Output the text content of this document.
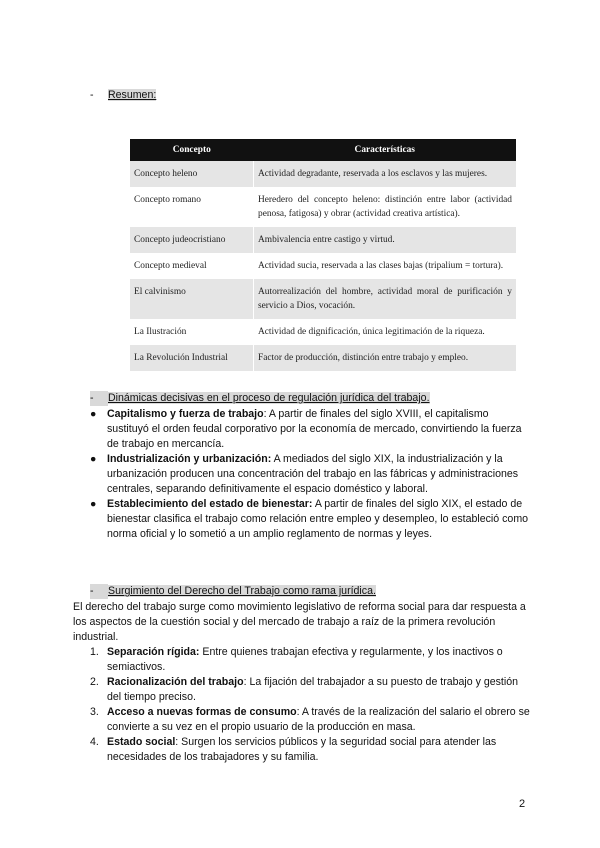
- Resumen:
Concepto	Características
Concepto heleno	Actividad degradante, reservada a los esclavos y las mujeres.
Concepto romano	Heredero del concepto heleno: distinción entre labor (actividad penosa, fatigosa) y obrar (actividad creativa artística).
Concepto judeocristiano	Ambivalencia entre castigo y virtud.
Concepto medieval	Actividad sucia, reservada a las clases bajas (tripalium = tortura).
El calvinismo	Autorrealización del hombre, actividad moral de purificación y servicio a Dios, vocación.
La Ilustración	Actividad de dignificación, única legitimación de la riqueza.
La Revolución Industrial	Factor de producción, distinción entre trabajo y empleo.
- Dinámicas decisivas en el proceso de regulación jurídica del trabajo.
● Capitalismo y fuerza de trabajo: A partir de finales del siglo XVIII, el capitalismo sustituyó el orden feudal corporativo por la economía de mercado, convirtiendo la fuerza de trabajo en mercancía.
● Industrialización y urbanización: A mediados del siglo XIX, la industrialización y la urbanización producen una concentración del trabajo en las fábricas y administraciones centrales, separando definitivamente el espacio doméstico y laboral.
● Establecimiento del estado de bienestar: A partir de finales del siglo XIX, el estado de bienestar clasifica el trabajo como relación entre empleo y desempleo, lo estableció como norma oficial y lo sometió a un amplio reglamento de normas y leyes.
- Surgimiento del Derecho del Trabajo como rama jurídica.
El derecho del trabajo surge como movimiento legislativo de reforma social para dar respuesta a los aspectos de la cuestión social y del mercado de trabajo a raíz de la primera revolución industrial.
1. Separación rígida: Entre quienes trabajan efectiva y regularmente, y los inactivos o semiactivos.
2. Racionalización del trabajo: La fijación del trabajador a su puesto de trabajo y gestión del tiempo preciso.
3. Acceso a nuevas formas de consumo: A través de la realización del salario el obrero se convierte a su vez en el propio usuario de la producción en masa.
4. Estado social: Surgen los servicios públicos y la seguridad social para atender las necesidades de los trabajadores y su familia.
2
